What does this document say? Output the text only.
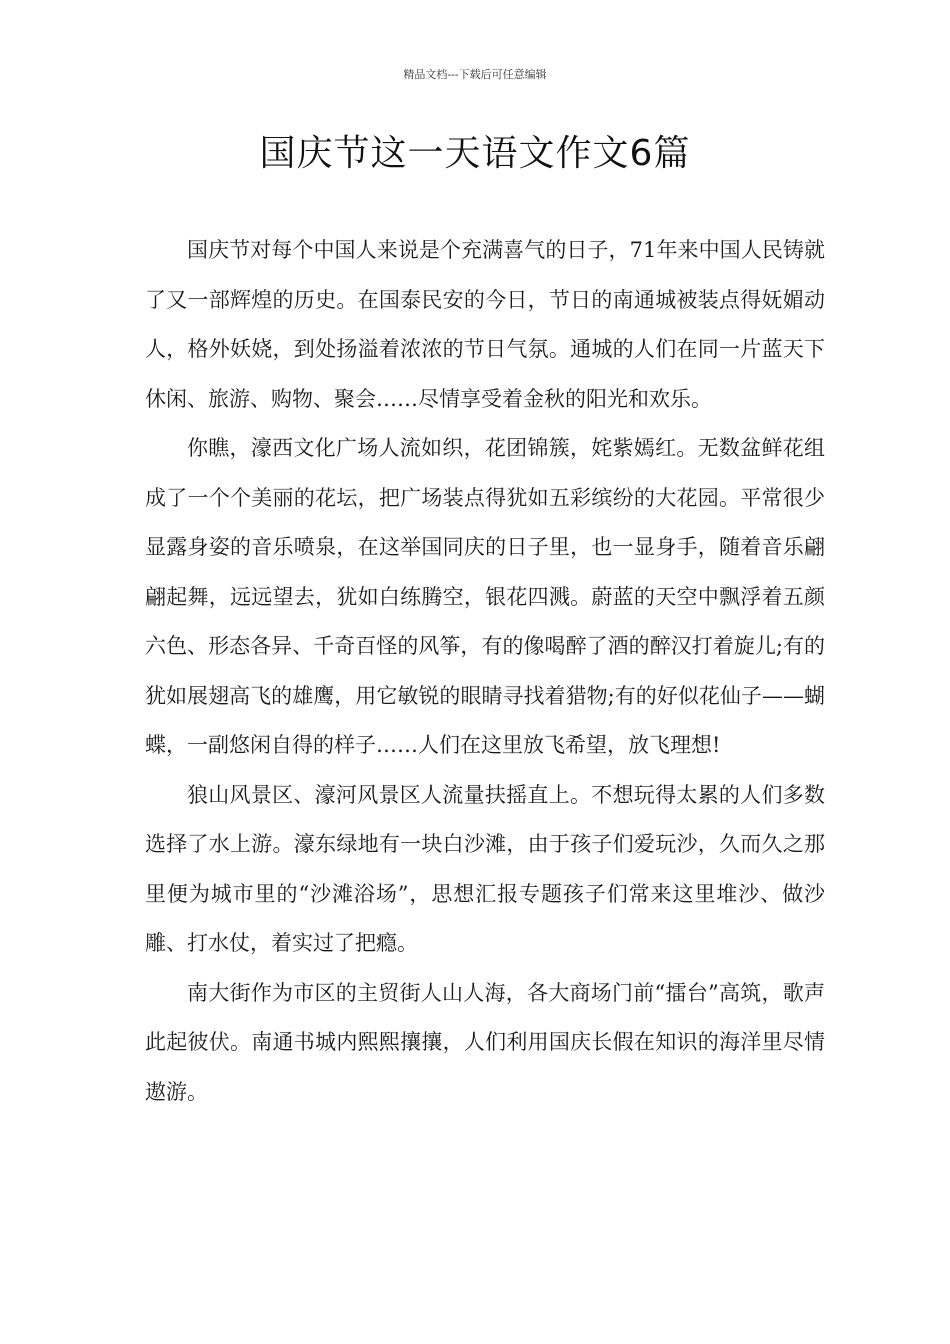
精品文档---下载后可任意编辑
国庆节这一天语文作文6篇

国庆节对每个中国人来说是个充满喜气的日子，71年来中国人民铸就了又一部辉煌的历史。在国泰民安的今日，节日的南通城被装点得妩媚动人，格外妖娆，到处扬溢着浓浓的节日气氛。通城的人们在同一片蓝天下休闲、旅游、购物、聚会……尽情享受着金秋的阳光和欢乐。

你瞧，濠西文化广场人流如织，花团锦簇，姹紫嫣红。无数盆鲜花组成了一个个美丽的花坛，把广场装点得犹如五彩缤纷的大花园。平常很少显露身姿的音乐喷泉，在这举国同庆的日子里，也一显身手，随着音乐翩翩起舞，远远望去，犹如白练腾空，银花四溅。蔚蓝的天空中飘浮着五颜六色、形态各异、千奇百怪的风筝，有的像喝醉了酒的醉汉打着旋儿;有的犹如展翅高飞的雄鹰，用它敏锐的眼睛寻找着猎物;有的好似花仙子——蝴蝶，一副悠闲自得的样子……人们在这里放飞希望，放飞理想!

狼山风景区、濠河风景区人流量扶摇直上。不想玩得太累的人们多数选择了水上游。濠东绿地有一块白沙滩，由于孩子们爱玩沙，久而久之那里便为城市里的“沙滩浴场”，思想汇报专题孩子们常来这里堆沙、做沙雕、打水仗，着实过了把瘾。

南大街作为市区的主贸街人山人海，各大商场门前“擂台”高筑，歌声此起彼伏。南通书城内熙熙攘攘，人们利用国庆长假在知识的海洋里尽情遨游。
